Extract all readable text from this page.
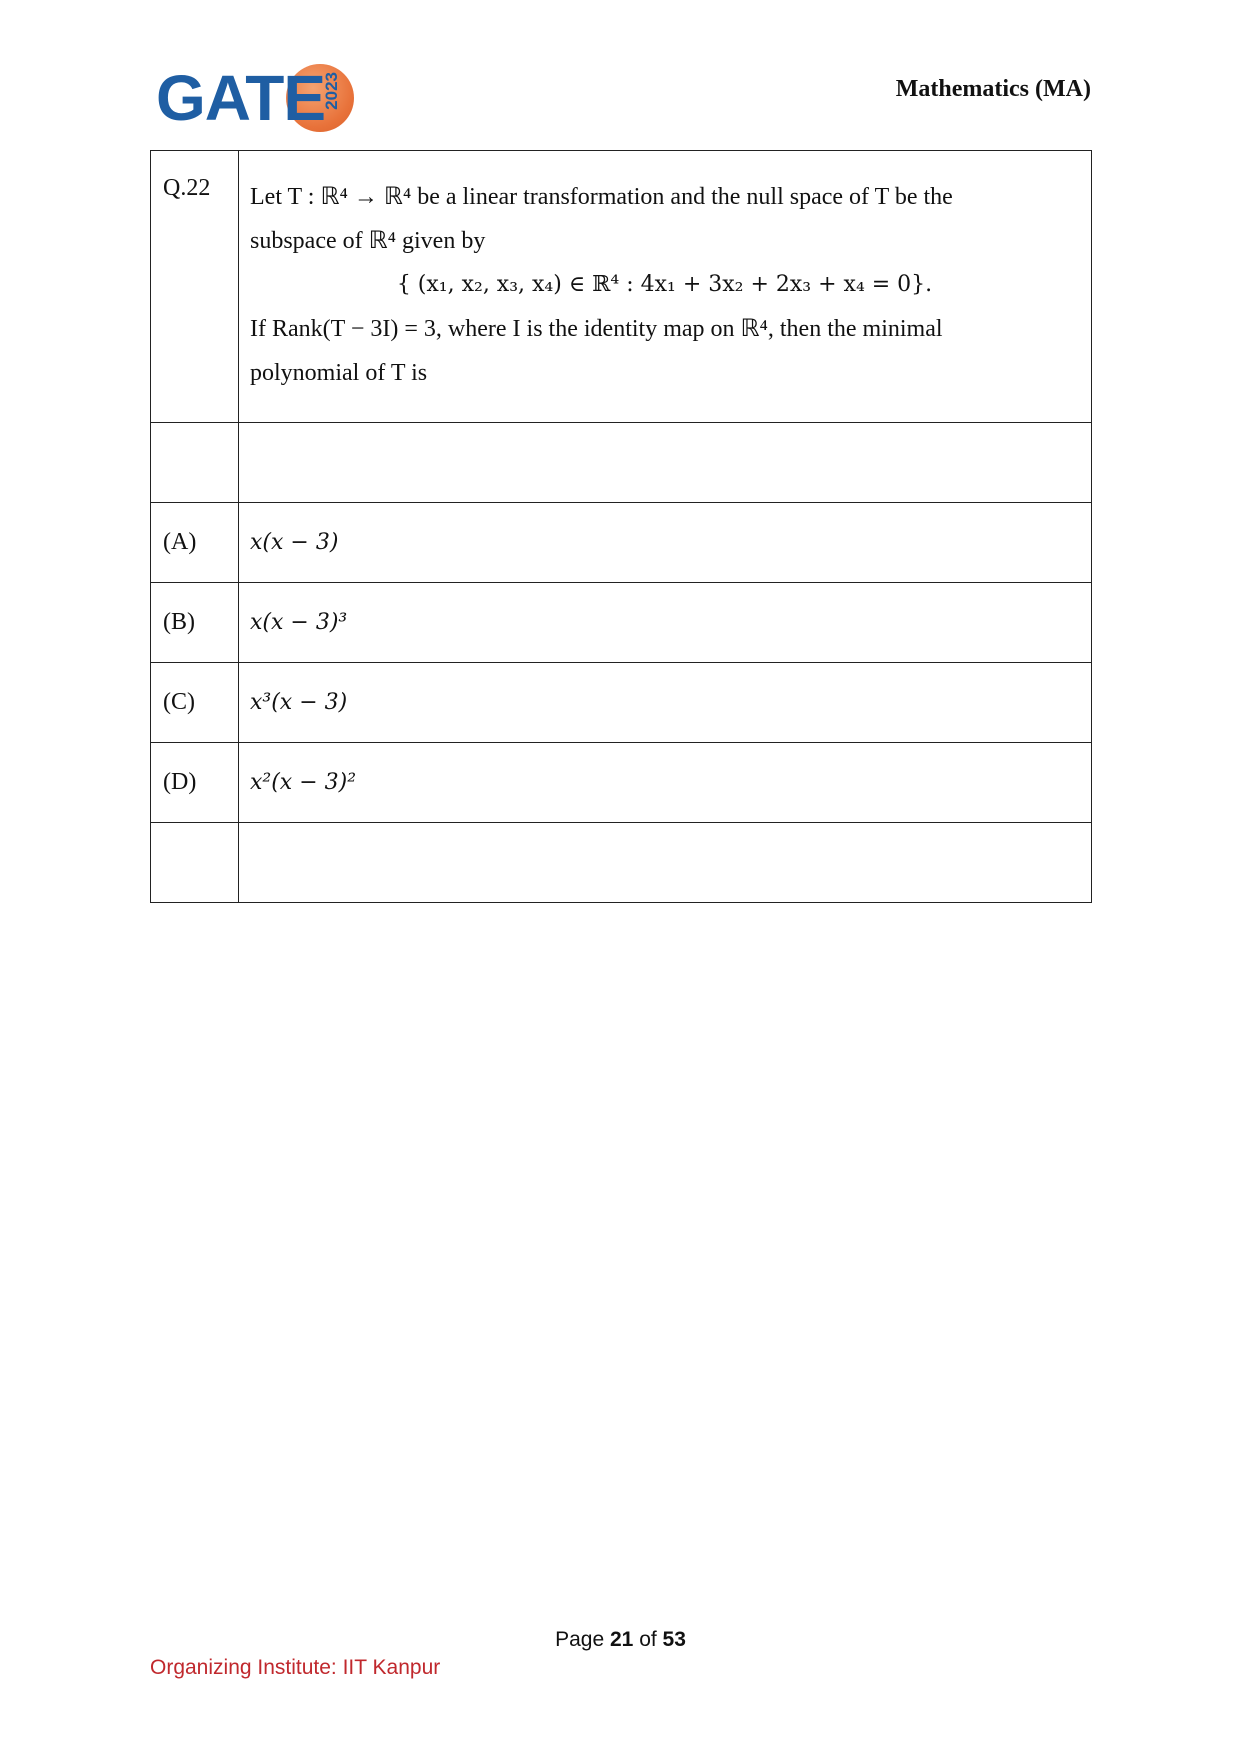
GATE
2023	Mathematics (MA)
Q.22	Let T : ℝ⁴ → ℝ⁴ be a linear transformation and the null space of T be the

subspace of ℝ⁴ given by

{ (x₁, x₂, x₃, x₄) ∈ ℝ⁴ : 4x₁ + 3x₂ + 2x₃ + x₄ = 0}.

If Rank(T − 3I) = 3, where I is the identity map on ℝ⁴, then the minimal

polynomial of T is

(A)	x(x − 3)
(B)	x(x − 3)³
(C)	x³(x − 3)
(D)	x²(x − 3)²

Page 21 of 53
Organizing Institute: IIT Kanpur
